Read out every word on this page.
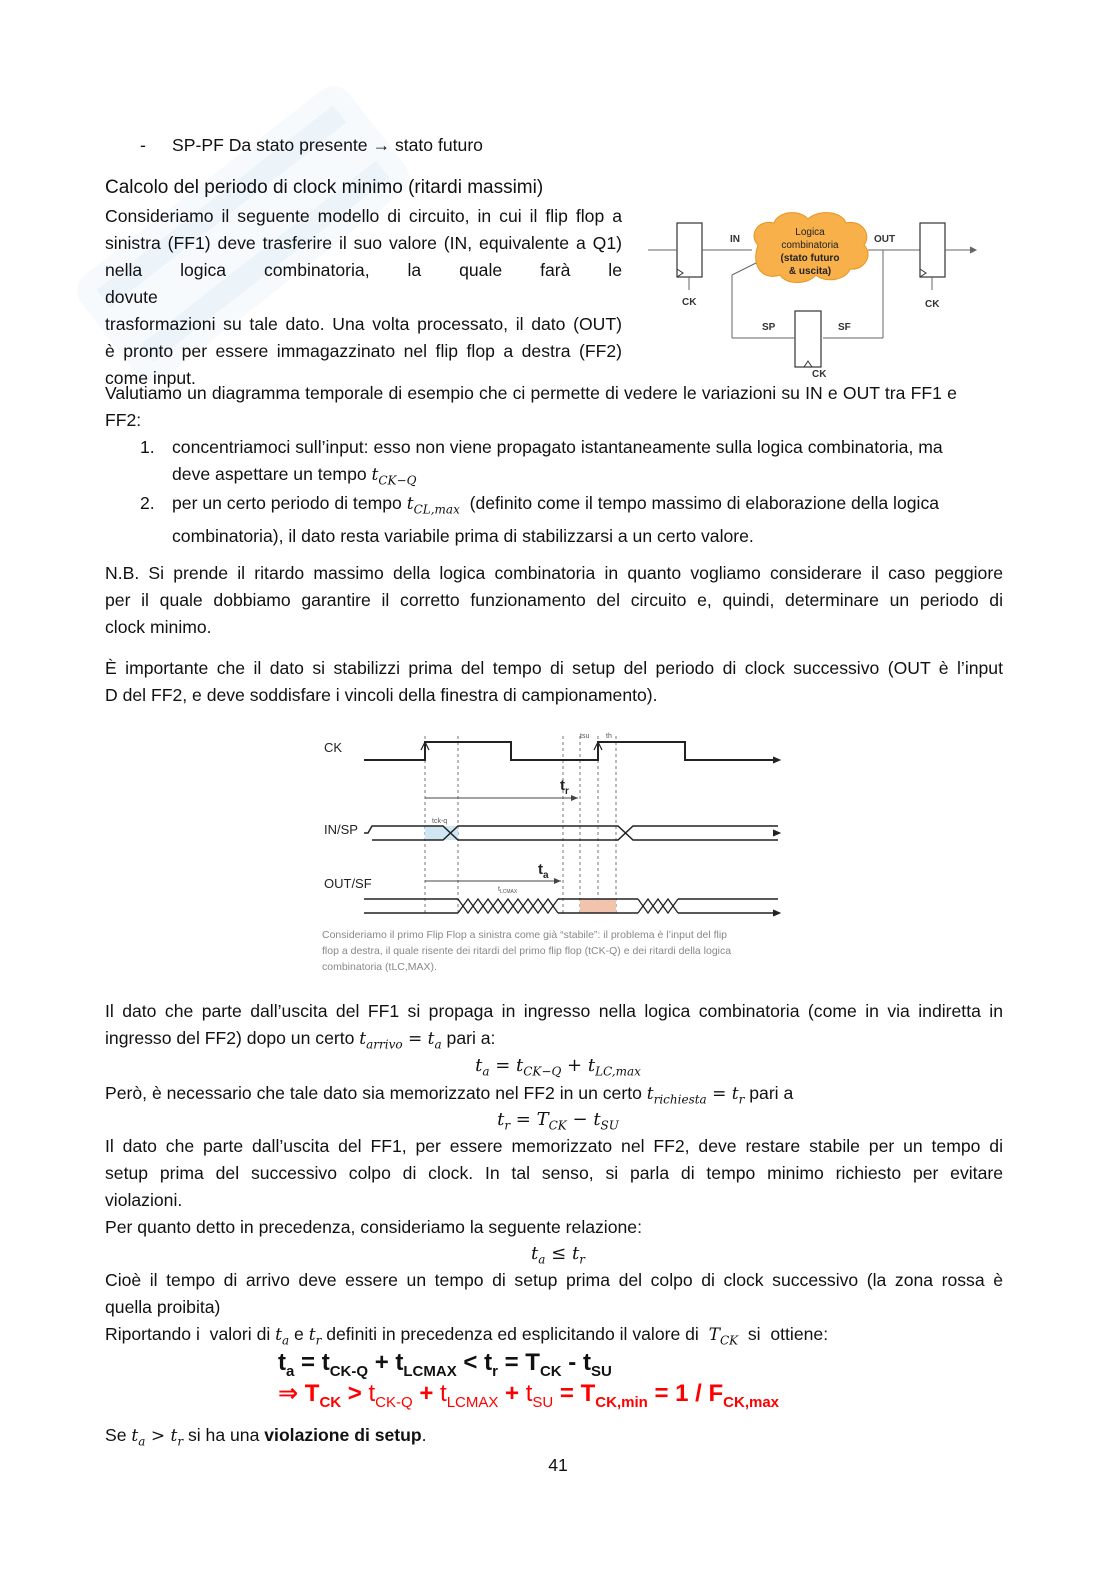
- SP-PF Da stato presente → stato futuro
Calcolo del periodo di clock minimo (ritardi massimi)
Consideriamo il seguente modello di circuito, in cui il flip flop a
sinistra (FF1) deve trasferire il suo valore (IN, equivalente a Q1)
nella logica combinatoria, la quale farà le dovute
trasformazioni su tale dato. Una volta processato, il dato (OUT)
è pronto per essere immagazzinato nel flip flop a destra (FF2)
come input.
CK
IN
Logica
combinatoria
(stato futuro
& uscita)
OUT
CK
SF
CK
SP
Valutiamo un diagramma temporale di esempio che ci permette di vedere le variazioni su IN e OUT tra FF1 e
FF2:
1. concentriamoci sull’input: esso non viene propagato istantaneamente sulla logica combinatoria, ma
deve aspettare un tempo $t_{CK-Q}$
2. per un certo periodo di tempo $t_{CL,max}$  (definito come il tempo massimo di elaborazione della logica
combinatoria), il dato resta variabile prima di stabilizzarsi a un certo valore.
N.B. Si prende il ritardo massimo della logica combinatoria in quanto vogliamo considerare il caso peggiore
per il quale dobbiamo garantire il corretto funzionamento del circuito e, quindi, determinare un periodo di
clock minimo.
È importante che il dato si stabilizzi prima del tempo di setup del periodo di clock successivo (OUT è l’input
D del FF2, e deve soddisfare i vincoli della finestra di campionamento).
CK
IN/SP
OUT/SF
tsu th
$t_r$
tck-q
$t_a$
$t_{LCMAX}$
Consideriamo il primo Flip Flop a sinistra come già “stabile”: il problema è l’input del flip
flop a destra, il quale risente dei ritardi del primo flip flop (tCK-Q) e dei ritardi della logica
combinatoria (tLC,MAX).
Il dato che parte dall’uscita del FF1 si propaga in ingresso nella logica combinatoria (come in via indiretta in
ingresso del FF2) dopo un certo $t_{arrivo} = t_a$ pari a:
$t_a = t_{CK-Q} + t_{LC,max}$
Però, è necessario che tale dato sia memorizzato nel FF2 in un certo $t_{richiesta} = t_r$ pari a
$t_r = T_{CK} - t_{SU}$
Il dato che parte dall’uscita del FF1, per essere memorizzato nel FF2, deve restare stabile per un tempo di
setup prima del successivo colpo di clock. In tal senso, si parla di tempo minimo richiesto per evitare
violazioni.
Per quanto detto in precedenza, consideriamo la seguente relazione:
$t_a \le t_r$
Cioè il tempo di arrivo deve essere un tempo di setup prima del colpo di clock successivo (la zona rossa è
quella proibita)
Riportando i  valori di $t_a$ e $t_r$ definiti in precedenza ed esplicitando il valore di  $T_{CK}$  si  ottiene:
$t_a = t_{CK-Q} + t_{LCMAX} < t_r = T_{CK} - t_{SU}$
⇒ $T_{CK} > t_{CK-Q} + t_{LCMAX} + t_{SU} = T_{CK,min} = 1 / F_{CK,max}$
Se $t_a > t_r$ si ha una violazione di setup.
41
